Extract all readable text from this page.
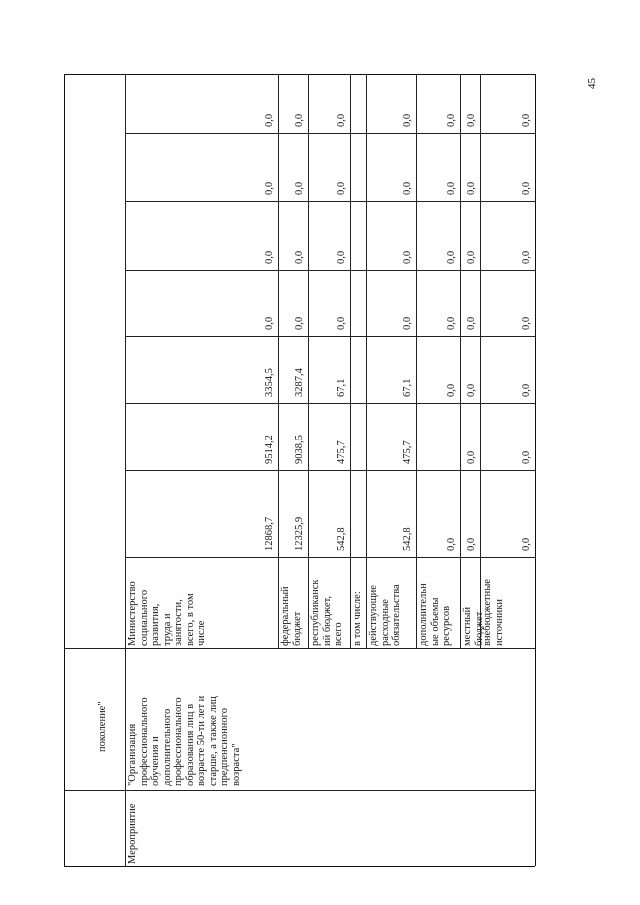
45
Мероприятие
поколение" "Организация профессионального обучения и дополнительного профессионального образования лиц в возрасте 50-ти лет и старше, а также лиц предпенсионного возраста"
Министерство социального развития, труда и занятости, всего, в том числе	федеральный бюджет республиканск ий бюджет, всего в том числе: действующие расходные обязательства дополнительн ые объемы ресурсов местный бюджет
внебюджетные источники
12868,7
9514,2
3354,5
0,0
0,0
0,0
0,0
12325,9
9038,5
3287,4
0,0
0,0
0,0
0,0
542,8
475,7
67,1
0,0
0,0
0,0
0,0
542,8
475,7
67,1
0,0
0,0
0,0
0,0
0,0
0,0
0,0
0,0
0,0
0,0
0,0
0,0
0,0
0,0
0,0
0,0
0,0
0,0
0,0
0,0
0,0
0,0
0,0
0,0
